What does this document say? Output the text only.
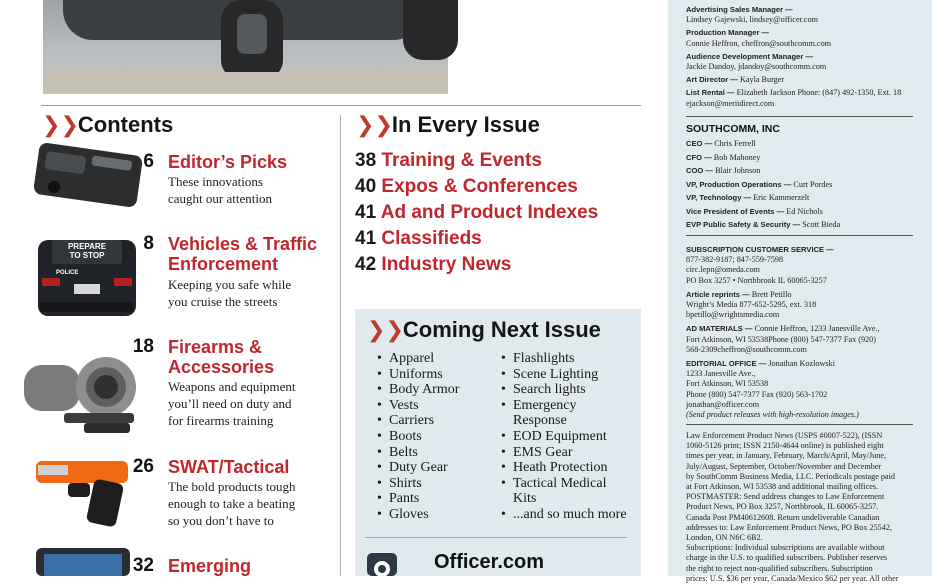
❯ ❯ Contents
6 Editor’s Picks
These innovations
caught our attention
PREPARE
TO STOP
POLICE
8 Vehicles & Traffic
Enforcement
Keeping you safe while
you cruise the streets
18 Firearms &
Accessories
Weapons and equipment
you’ll need on duty and
for firearms training
26 SWAT/Tactical
The bold products tough
enough to take a beating
so you don’t have to
32 Emerging
❯ ❯ In Every Issue
38 Training & Events
40 Expos & Conferences
41 Ad and Product Indexes
41 Classifieds
42 Industry News
❯ ❯ Coming Next Issue
• Apparel
• Uniforms
• Body Armor
• Vests
• Carriers
• Boots
• Belts
• Duty Gear
• Shirts
• Pants
• Gloves
• Flashlights
• Scene Lighting
• Search lights
• Emergency
Response
• EOD Equipment
• EMS Gear
• Heath Protection
• Tactical Medical
Kits
• ...and so much more
Officer.com
Advertising Sales Manager —
Lindsey Gajewski, lindsey@officer.com
Production Manager —
Connie Heffron, cheffron@southcomm.com
Audience Development Manager —
Jackie Dandoy, jdandoy@southcomm.com
Art Director — Kayla Burger
List Rental — Elizabeth Jackson Phone: (847) 492-1350, Ext. 18 ejackson@meritdirect.com
SOUTHCOMM, INC
CEO — Chris Ferrell
CFO — Bob Mahoney
COO — Blair Johnson
VP, Production Operations — Curt Pordes
VP, Technology — Eric Kammerzelt
Vice President of Events — Ed Nichols
EVP Public Safety & Security — Scott Bieda
SUBSCRIPTION CUSTOMER SERVICE —
877-382-9187; 847-559-7598
circ.lepn@omeda.com
PO Box 3257 • Northbrook IL 60065-3257
Article reprints — Brett Petillo
Wright’s Media 877-652-5295, ext. 318
bpetillo@wrightsmedia.com
AD MATERIALS — Connie Heffron, 1233 Janesville Ave.,
Fort Atkinson, WI 53538Phone (800) 547-7377 Fax (920)
568-2309cheffron@southcomm.com
EDITORIAL OFFICE — Jonathan Kozlowski
1233 Janesville Ave.,
Fort Atkinson, WI 53538
Phone (800) 547-7377 Fax (920) 563-1702
jonathan@officer.com
(Send product releases with high-resolution images.)
Law Enforcement Product News (USPS #0007-522), (ISSN
1060-5126 print; ISSN 2150-4644 online) is published eight
times per year, in January, February, March/April, May/June,
July/August, September, October/November and December
by SouthComm Business Media, LLC. Periodicals postage paid
at Fort Atkinson, WI 53538 and additional mailing offices.
POSTMASTER: Send address changes to Law Enforcement
Product News, PO Box 3257, Northbrook, IL 60065-3257.
Canada Post PM40612608. Return undeliverable Canadian
addresses to: Law Enforcement Product News, PO Box 25542,
London, ON N6C 6B2.
Subscriptions: Individual subscriptions are available without
charge in the U.S. to qualified subscribers. Publisher reserves
the right to reject non-qualified subscribers. Subscription
prices: U.S. $36 per year, Canada/Mexico $62 per year. All other
